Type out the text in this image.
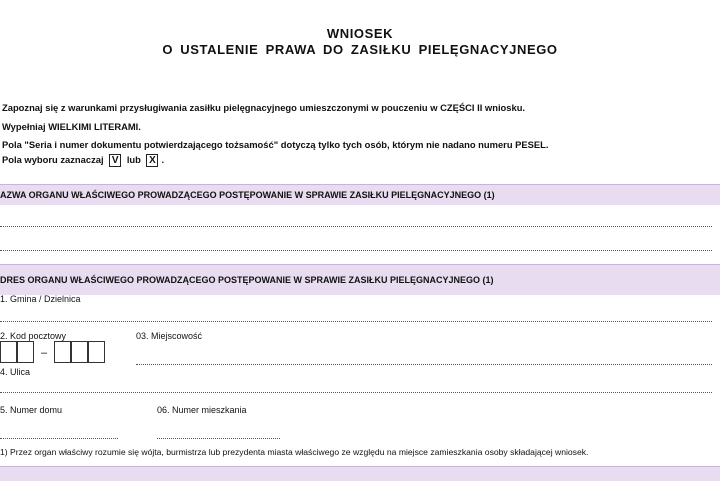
WNIOSEK
O USTALENIE PRAWA DO ZASIŁKU PIELĘGNACYJNEGO
Zapoznaj się z warunkami przysługiwania zasiłku pielęgnacyjnego umieszczonymi w pouczeniu w CZĘŚCI II wniosku.
Wypełniaj WIELKIMI LITERAMI.
Pola "Seria i numer dokumentu potwierdzającego tożsamość" dotyczą tylko tych osób, którym nie nadano numeru PESEL.
Pola wyboru zaznaczaj V lub X .
AZWA ORGANU WŁAŚCIWEGO PROWADZĄCEGO POSTĘPOWANIE W SPRAWIE ZASIŁKU PIELĘGNACYJNEGO (1)
DRES ORGANU WŁAŚCIWEGO PROWADZĄCEGO POSTĘPOWANIE W SPRAWIE ZASIŁKU PIELĘGNACYJNEGO (1)
1. Gmina / Dzielnica
2. Kod pocztowy
–
03. Miejscowość
4. Ulica
5. Numer domu	06. Numer mieszkania
1) Przez organ właściwy rozumie się wójta, burmistrza lub prezydenta miasta właściwego ze względu na miejsce zamieszkania osoby składającej wniosek.
